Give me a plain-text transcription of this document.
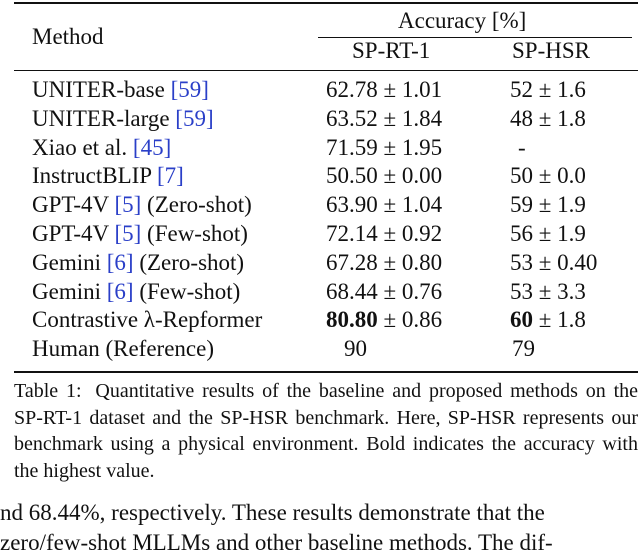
Method
Accuracy [%]
SP-RT-1	SP-HSR
UNITER-base [59]	62.78 ± 1.01	52 ± 1.6
UNITER-large [59]	63.52 ± 1.84	48 ± 1.8
Xiao et al. [45]	71.59 ± 1.95	-
InstructBLIP [7]	50.50 ± 0.00	50 ± 0.0
GPT-4V [5] (Zero-shot)	63.90 ± 1.04	59 ± 1.9
GPT-4V [5] (Few-shot)	72.14 ± 0.92	56 ± 1.9
Gemini [6] (Zero-shot)	67.28 ± 0.80	53 ± 0.40
Gemini [6] (Few-shot)	68.44 ± 0.76	53 ± 3.3
Contrastive λ-Repformer	80.80 ± 0.86	60 ± 1.8
Human (Reference)	90	79
Table 1: Quantitative results of the baseline and proposed methods on the SP-RT-1 dataset and the SP-HSR benchmark. Here, SP-HSR represents our benchmark using a physical environment. Bold indicates the accuracy with the highest value.
nd 68.44%, respectively. These results demonstrate that the
zero/few-shot MLLMs and other baseline methods. The dif-
